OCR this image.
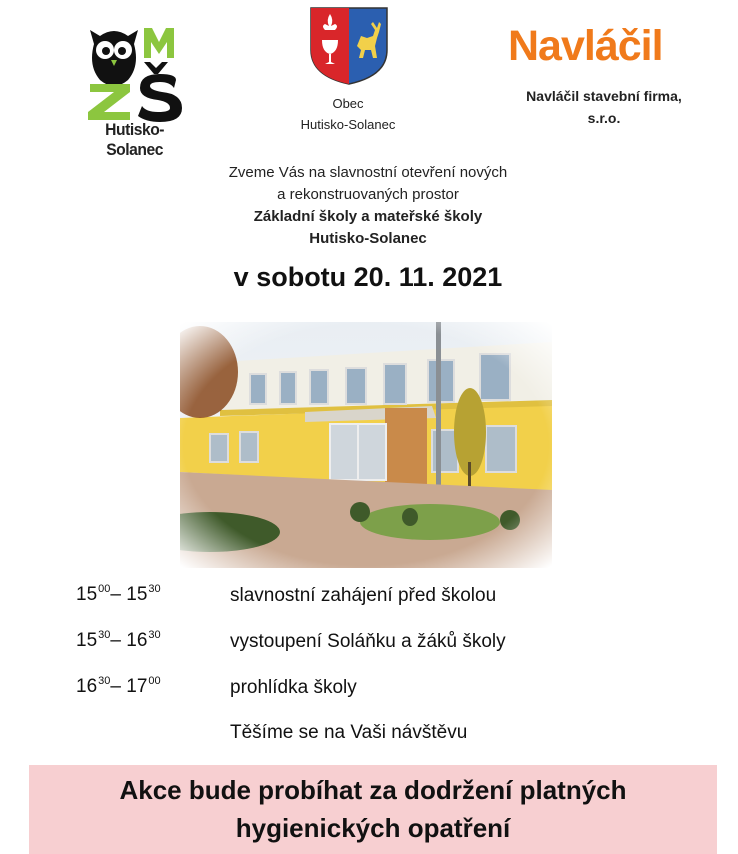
Hutisko-Solanec
Obec
Hutisko-Solanec
Navláčil
Navláčil stavební firma,
s.r.o.
Zveme Vás na slavnostní otevření nových
a rekonstruovaných prostor
Základní školy a mateřské školy
Hutisko-Solanec
v sobotu 20. 11. 2021
$15^{00}-$ $15^{30}$	slavnostní zahájení před školou
$15^{30}-$ $16^{30}$	vystoupení Soláňku a žáků školy
$16^{30}-$ $17^{00}$	prohlídka školy
Těšíme se na Vaši návštěvu
Akce bude probíhat za dodržení platných
hygienických opatření
